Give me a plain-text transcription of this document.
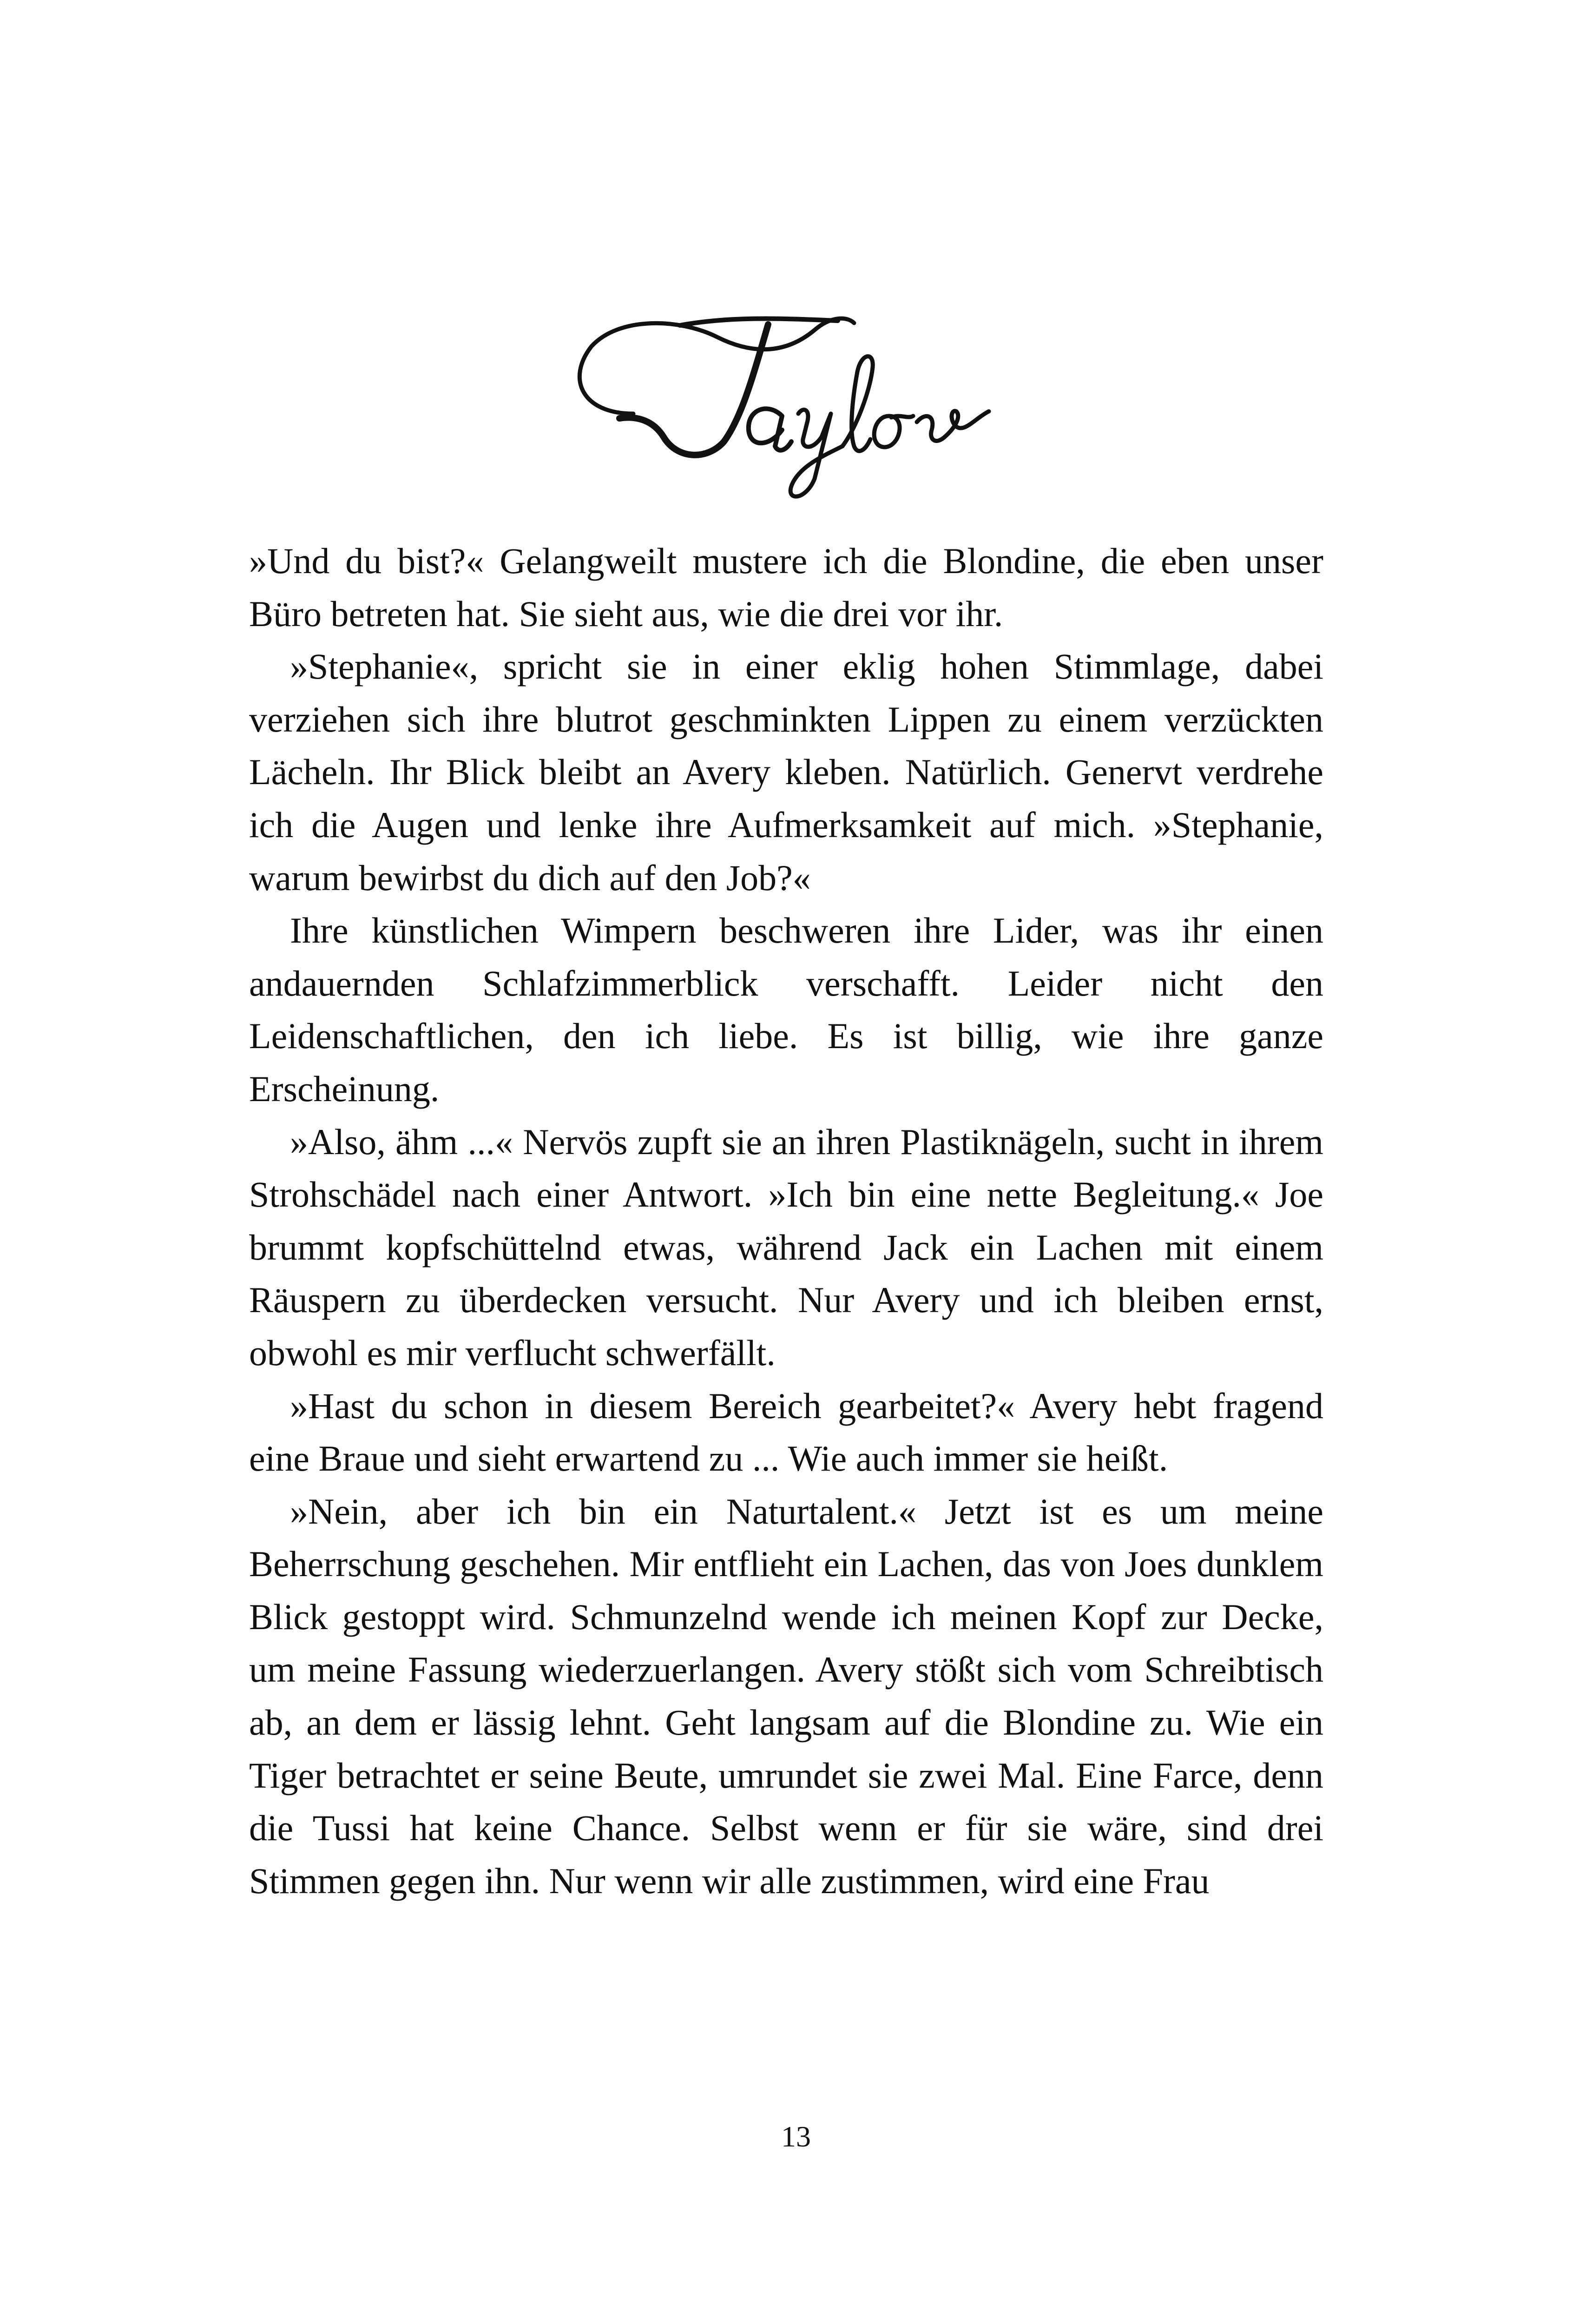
»Und du bist?« Gelangweilt mustere ich die Blondine, die eben unser Büro betreten hat. Sie sieht aus, wie die drei vor ihr.

»Stephanie«, spricht sie in einer eklig hohen Stimmlage, dabei verziehen sich ihre blutrot geschminkten Lippen zu einem verzückten Lächeln. Ihr Blick bleibt an Avery kleben. Natürlich. Genervt verdrehe ich die Augen und lenke ihre Aufmerksamkeit auf mich. »Stephanie, warum bewirbst du dich auf den Job?«

Ihre künstlichen Wimpern beschweren ihre Lider, was ihr einen andauernden Schlafzimmerblick verschafft. Leider nicht den Leidenschaftlichen, den ich liebe. Es ist billig, wie ihre ganze Erscheinung.

»Also, ähm ...« Nervös zupft sie an ihren Plastiknägeln, sucht in ihrem Strohschädel nach einer Antwort. »Ich bin eine nette Begleitung.« Joe brummt kopfschüttelnd etwas, während Jack ein Lachen mit einem Räuspern zu überdecken versucht. Nur Avery und ich bleiben ernst, obwohl es mir verflucht schwerfällt.

»Hast du schon in diesem Bereich gearbeitet?« Avery hebt fragend eine Braue und sieht erwartend zu ... Wie auch immer sie heißt.

»Nein, aber ich bin ein Naturtalent.« Jetzt ist es um meine Beherrschung geschehen. Mir entflieht ein Lachen, das von Joes dunklem Blick gestoppt wird. Schmunzelnd wende ich meinen Kopf zur Decke, um meine Fassung wiederzuerlangen. Avery stößt sich vom Schreibtisch ab, an dem er lässig lehnt. Geht langsam auf die Blondine zu. Wie ein Tiger betrachtet er seine Beute, umrundet sie zwei Mal. Eine Farce, denn die Tussi hat keine Chance. Selbst wenn er für sie wäre, sind drei Stimmen gegen ihn. Nur wenn wir alle zustimmen, wird eine Frau

13
